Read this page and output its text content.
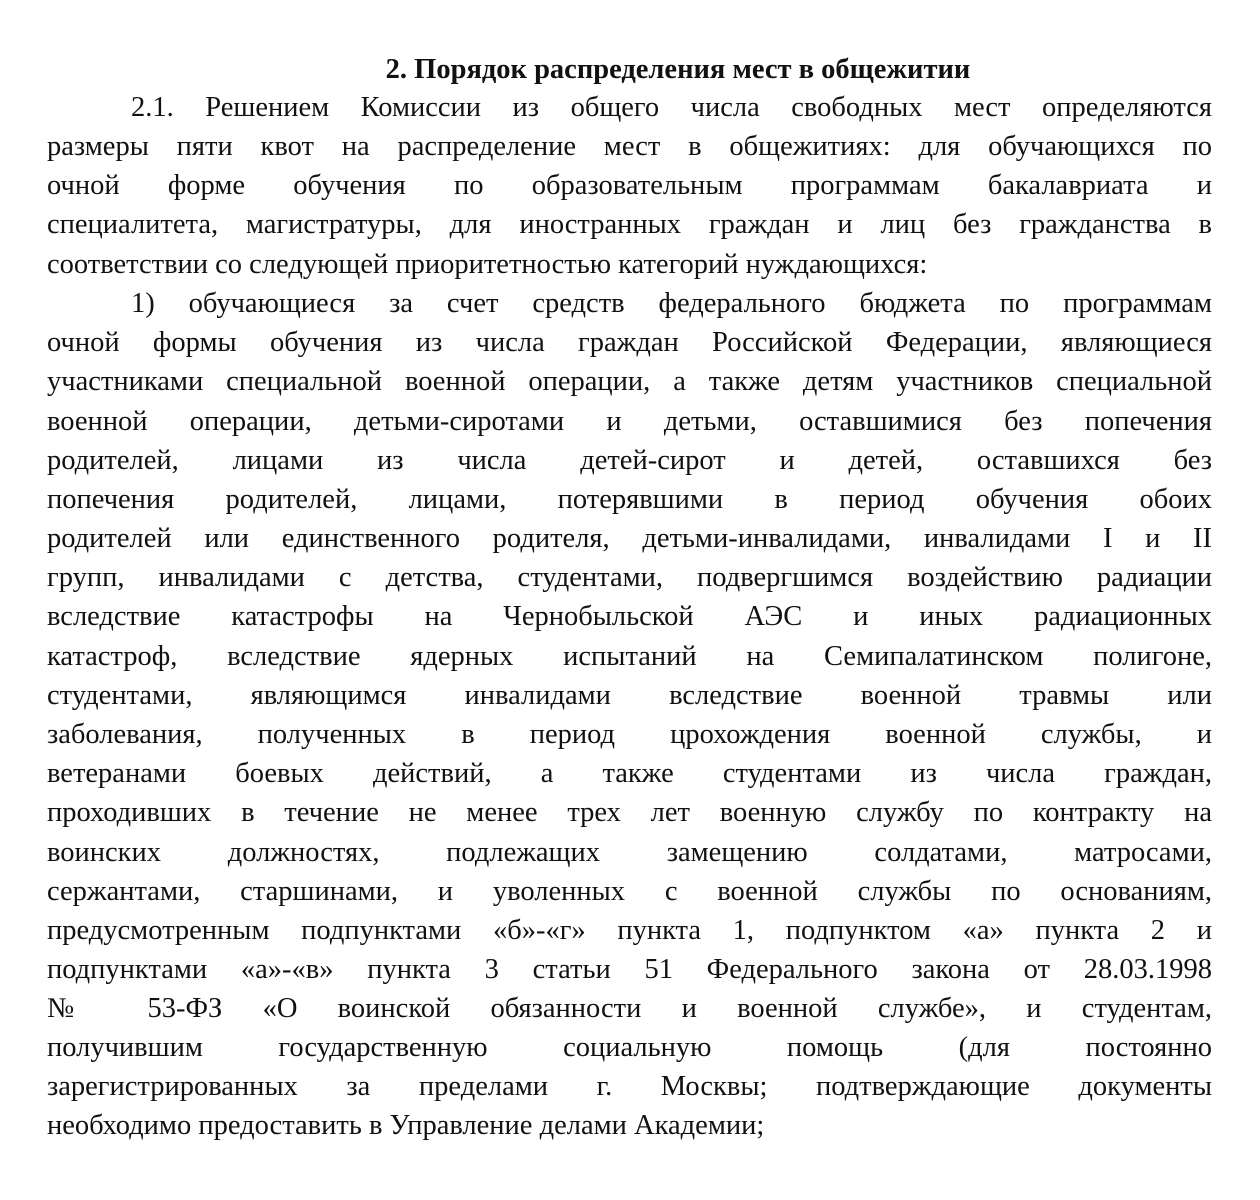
2. Порядок распределения мест в общежитии
2.1. Решением Комиссии из общего числа свободных мест определяются
размеры пяти квот на распределение мест в общежитиях: для обучающихся по
очной форме обучения по образовательным программам бакалавриата и
специалитета, магистратуры, для иностранных граждан и лиц без гражданства в
соответствии со следующей приоритетностью категорий нуждающихся:
1) обучающиеся за счет средств федерального бюджета по программам
очной формы обучения из числа граждан Российской Федерации, являющиеся
участниками специальной военной операции, а также детям участников специальной
военной операции, детьми-сиротами и детьми, оставшимися без попечения
родителей, лицами из числа детей-сирот и детей, оставшихся без
попечения родителей, лицами, потерявшими в период обучения обоих
родителей или единственного родителя, детьми-инвалидами, инвалидами I и II
групп, инвалидами с детства, студентами, подвергшимся воздействию радиации
вследствие катастрофы на Чернобыльской АЭС и иных радиационных
катастроф, вследствие ядерных испытаний на Семипалатинском полигоне,
студентами, являющимся инвалидами вследствие военной травмы или
заболевания, полученных в период црохождения военной службы, и
ветеранами боевых действий, а также студентами из числа граждан,
проходивших в течение не менее трех лет военную службу по контракту на
воинских должностях, подлежащих замещению солдатами, матросами,
сержантами, старшинами, и уволенных с военной службы по основаниям,
предусмотренным подпунктами «б»-«г» пункта 1, подпунктом «а» пункта 2 и
подпунктами «а»-«в» пункта 3 статьи 51 Федерального закона от 28.03.1998
№ 53-ФЗ «О воинской обязанности и военной службе», и студентам,
получившим государственную социальную помощь (для постоянно
зарегистрированных за пределами г. Москвы; подтверждающие документы
необходимо предоставить в Управление делами Академии;
